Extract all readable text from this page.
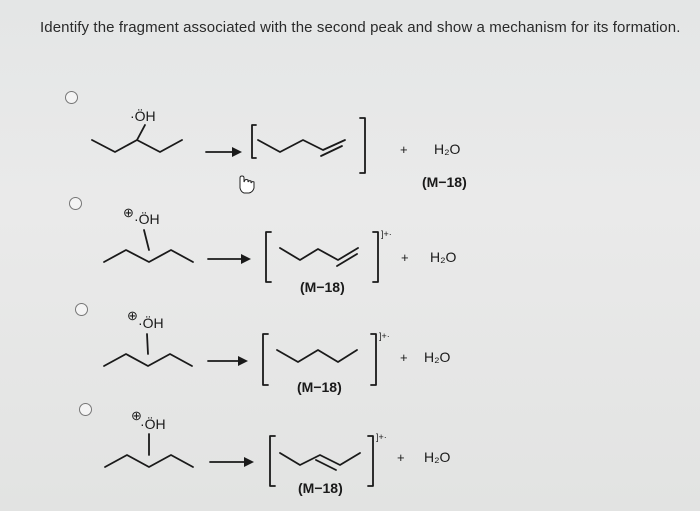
Identify the fragment associated with the second peak and show a mechanism for its formation.
·ÖH
+ H₂O
(M−18)
⊕ ·ÖH
]+·
+ H₂O
(M−18)
⊕ ·ÖH
]+·
+ H₂O
(M−18)
⊕
·ÖH
]+·
+ H₂O
(M−18)
